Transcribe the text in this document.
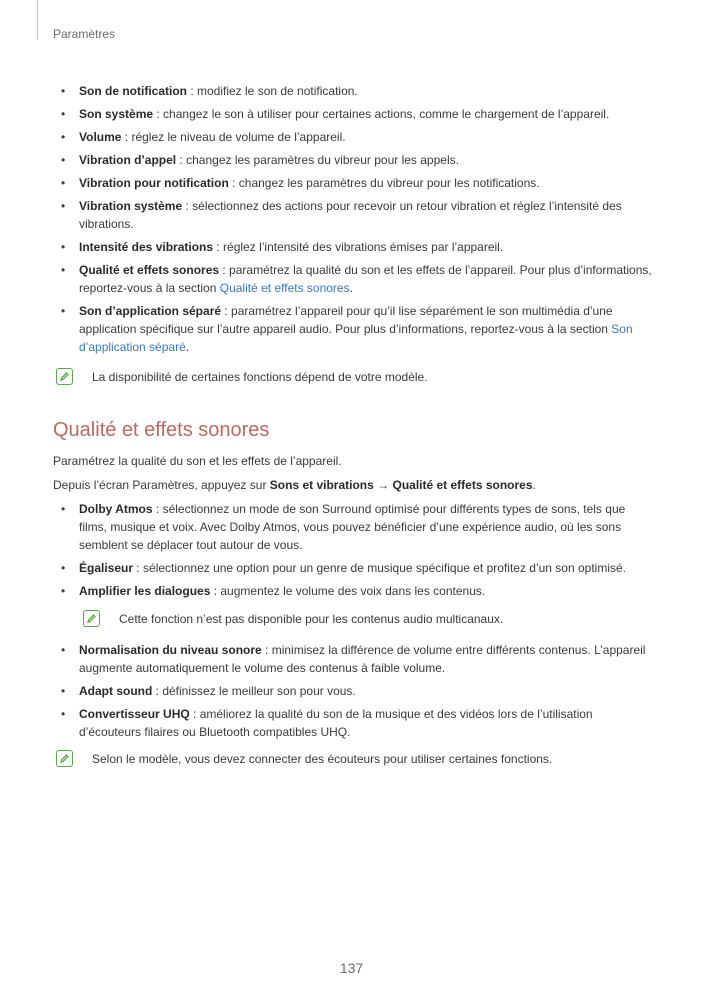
Paramètres
• Son de notification : modifiez le son de notification.
• Son système : changez le son à utiliser pour certaines actions, comme le chargement de l’appareil.
• Volume : réglez le niveau de volume de l’appareil.
• Vibration d’appel : changez les paramètres du vibreur pour les appels.
• Vibration pour notification : changez les paramètres du vibreur pour les notifications.
• Vibration système : sélectionnez des actions pour recevoir un retour vibration et réglez l’intensité des vibrations.
• Intensité des vibrations : réglez l’intensité des vibrations émises par l’appareil.
• Qualité et effets sonores : paramétrez la qualité du son et les effets de l’appareil. Pour plus d’informations, reportez-vous à la section Qualité et effets sonores.
• Son d’application séparé : paramétrez l’appareil pour qu’il lise séparément le son multimédia d’une application spécifique sur l’autre appareil audio. Pour plus d’informations, reportez-vous à la section Son d’application séparé.
La disponibilité de certaines fonctions dépend de votre modèle.
Qualité et effets sonores
Paramétrez la qualité du son et les effets de l’appareil.
Depuis l’écran Paramètres, appuyez sur Sons et vibrations → Qualité et effets sonores.
• Dolby Atmos : sélectionnez un mode de son Surround optimisé pour différents types de sons, tels que films, musique et voix. Avec Dolby Atmos, vous pouvez bénéficier d’une expérience audio, où les sons semblent se déplacer tout autour de vous.
• Égaliseur : sélectionnez une option pour un genre de musique spécifique et profitez d’un son optimisé.
• Amplifier les dialogues : augmentez le volume des voix dans les contenus.
Cette fonction n’est pas disponible pour les contenus audio multicanaux.
• Normalisation du niveau sonore : minimisez la différence de volume entre différents contenus. L’appareil augmente automatiquement le volume des contenus à faible volume.
• Adapt sound : définissez le meilleur son pour vous.
• Convertisseur UHQ : améliorez la qualité du son de la musique et des vidéos lors de l’utilisation d’écouteurs filaires ou Bluetooth compatibles UHQ.
Selon le modèle, vous devez connecter des écouteurs pour utiliser certaines fonctions.
137
